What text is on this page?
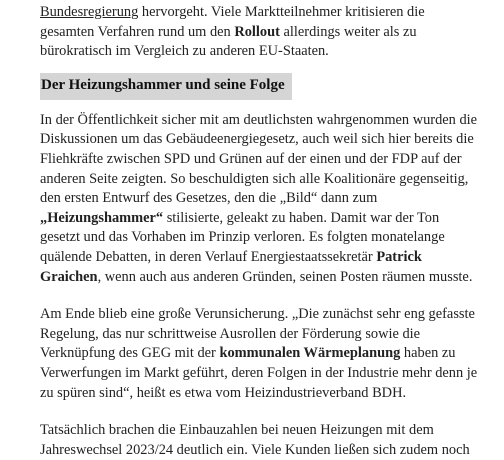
Bundesregierung hervorgeht. Viele Marktteilnehmer kritisieren die gesamten Verfahren rund um den Rollout allerdings weiter als zu bürokratisch im Vergleich zu anderen EU-Staaten.

Der Heizungshammer und seine Folge

In der Öffentlichkeit sicher mit am deutlichsten wahrgenommen wurden die Diskussionen um das Gebäudeenergiegesetz, auch weil sich hier bereits die Fliehkräfte zwischen SPD und Grünen auf der einen und der FDP auf der anderen Seite zeigten. So beschuldigten sich alle Koalitionäre gegenseitig, den ersten Entwurf des Gesetzes, den die „Bild“ dann zum „Heizungshammer“ stilisierte, geleakt zu haben. Damit war der Ton gesetzt und das Vorhaben im Prinzip verloren. Es folgten monatelange quälende Debatten, in deren Verlauf Energiestaatssekretär Patrick Graichen, wenn auch aus anderen Gründen, seinen Posten räumen musste.

Am Ende blieb eine große Verunsicherung. „Die zunächst sehr eng gefasste Regelung, das nur schrittweise Ausrollen der Förderung sowie die Verknüpfung des GEG mit der kommunalen Wärmeplanung haben zu Verwerfungen im Markt geführt, deren Folgen in der Industrie mehr denn je zu spüren sind“, heißt es etwa vom Heizindustrieverband BDH.

Tatsächlich brachen die Einbauzahlen bei neuen Heizungen mit dem Jahreswechsel 2023/24 deutlich ein. Viele Kunden ließen sich zudem noch
